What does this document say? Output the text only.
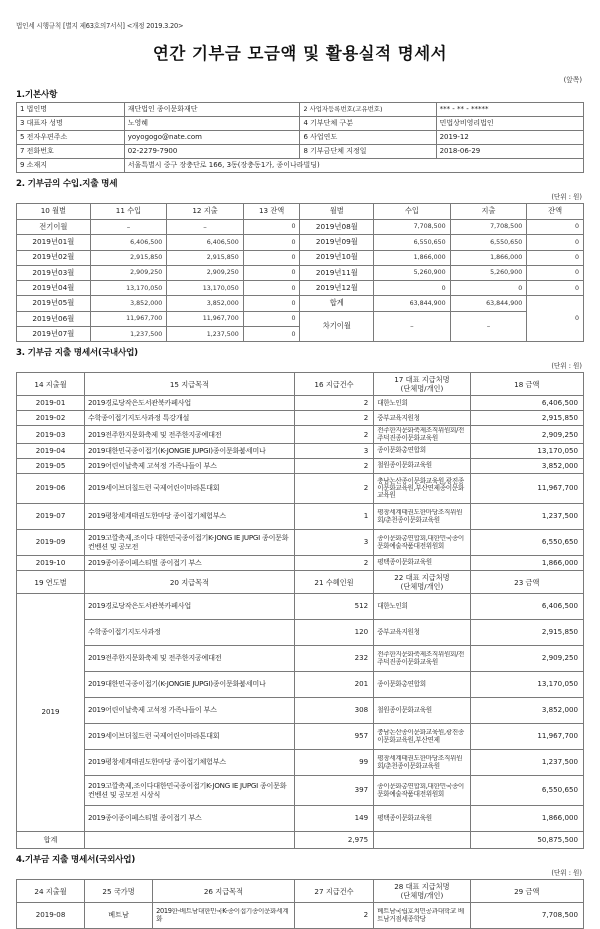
법인세 시행규칙 [별지 제63호의7서식] <개정 2019.3.20>
연간 기부금 모금액 및 활용실적 명세서
(앞쪽)
1.기본사항
1 법인명	재단법인 종이문화재단	2 사업자등록번호(고유번호)	*** - ** - *****
3 대표자 성명	노영혜	4 기부단체 구분	민법상비영리법인
5 전자우편주소	yoyogogo@nate.com	6 사업연도	2019-12
7 전화번호	02-2279-7900	8 기부금단체 지정일	2018-06-29
9 소재지	서울특별시 중구 장충단로 166, 3동(장충동1가, 종이나라빌딩)		
2. 기부금의 수입.지출 명세
(단위 : 원)
10 월별	11 수입	12 지출	13 잔액	월별	수입	지출	잔액
전기이월	–	–	0	2019년08월	7,708,500	7,708,500	0
2019년01월	6,406,500	6,406,500	0	2019년09월	6,550,650	6,550,650	0
2019년02월	2,915,850	2,915,850	0	2019년10월	1,866,000	1,866,000	0
2019년03월	2,909,250	2,909,250	0	2019년11월	5,260,900	5,260,900	0
2019년04월	13,170,050	13,170,050	0	2019년12월	0	0	0
2019년05월	3,852,000	3,852,000	0	합계	63,844,900	63,844,900	0
2019년06월	11,967,700	11,967,700	0	차기이월	–	–	
2019년07월	1,237,500	1,237,500	0				
3. 기부금 지출 명세서(국내사업)
(단위 : 원)
14 지출월	15 지급목적	16 지급건수	17 대표 지급처명
(단체명/개인)	18 금액
2019-01	2019경로당작은도서관북카페사업	2	대한노인회	6,406,500
2019-02	수학종이접기지도사과정 특강개설	2	중부교육지원청	2,915,850
2019-03	2019전주한지문화축제 및 전주한지공예대전	2	전주한지문화축제조직위원회/전주덕진종이문화교육원	2,909,250
2019-04	2019대한민국종이접기(K-JONGIE JUPGI)종이문화붐세미나	3	종이문화총연합회	13,170,050
2019-05	2019어린이날축제 고석정 가족나들이 부스	2	철원종이문화교육원	3,852,000
2019-06	2019세이브더칠드런 국제어린이마라톤대회	2	충남논산종이문화교육원,광진종이문화교육원,부산연제종이문화교육원	11,967,700
2019-07	2019평창세계태권도한마당 종이접기체험부스	1	평창세계태권도한마당조직위원회/춘천종이문화교육원	1,237,500
2019-09	2019고깔축제,조이다 대한민국종이접기K-JONG IE JUPGI 종이문화 컨벤션 및 공모전	3	종이문화총연합회,대한민국종이문화예술작품대전위원회	6,550,650
2019-10	2019종이종이페스티벌 종이접기 부스	2	평택종이문화교육원	1,866,000
19 연도별	20 지급목적	21 수혜인원	22 대표 지급처명
(단체명/개인)	23 금액
2019	2019경로당작은도서관북카페사업	512	대한노인회	6,406,500
	수학종이접기지도사과정	120	중부교육지원청	2,915,850
	2019전주한지문화축제 및 전주한지공예대전	232	전주한지문화축제조직위원회/전주덕진종이문화교육원	2,909,250
	2019대한민국종이접기(K-JONGIE JUPGI)종이문화붐세미나	201	종이문화총연합회	13,170,050
	2019어린이날축제 고석정 가족나들이 부스	308	철원종이문화교육원	3,852,000
	2019세이브더칠드런 국제어린이마라톤대회	957	충남논산종이문화교육원,광진종이문화교육원,부산연제	11,967,700
	2019평창세계태권도한마당 종이접기체험부스	99	평창세계태권도한마당조직위원회/춘천종이문화교육원	1,237,500
	2019고깔축제,조이다대한민국종이접기K-JONG IE JUPGI 종이문화 컨벤션 및 공모전 시상식	397	종이문화총연합회,대한민국종이문화예술작품대전위원회	6,550,650
	2019종이종이페스티벌 종이접기 부스	149	평택종이문화교육원	1,866,000
합계		2,975		50,875,500
4.기부금 지출 명세서(국외사업)
(단위 : 원)
24 지출월	25 국가명	26 지급목적	27 지급건수	28 대표 지급처명
(단체명/개인)	29 금액
2019-08	베트남	2019한-베트남대한민국K-종이접기종이문화세계화	2	베트남국립호치민공과대학교 베트남거점세종학당	7,708,500
